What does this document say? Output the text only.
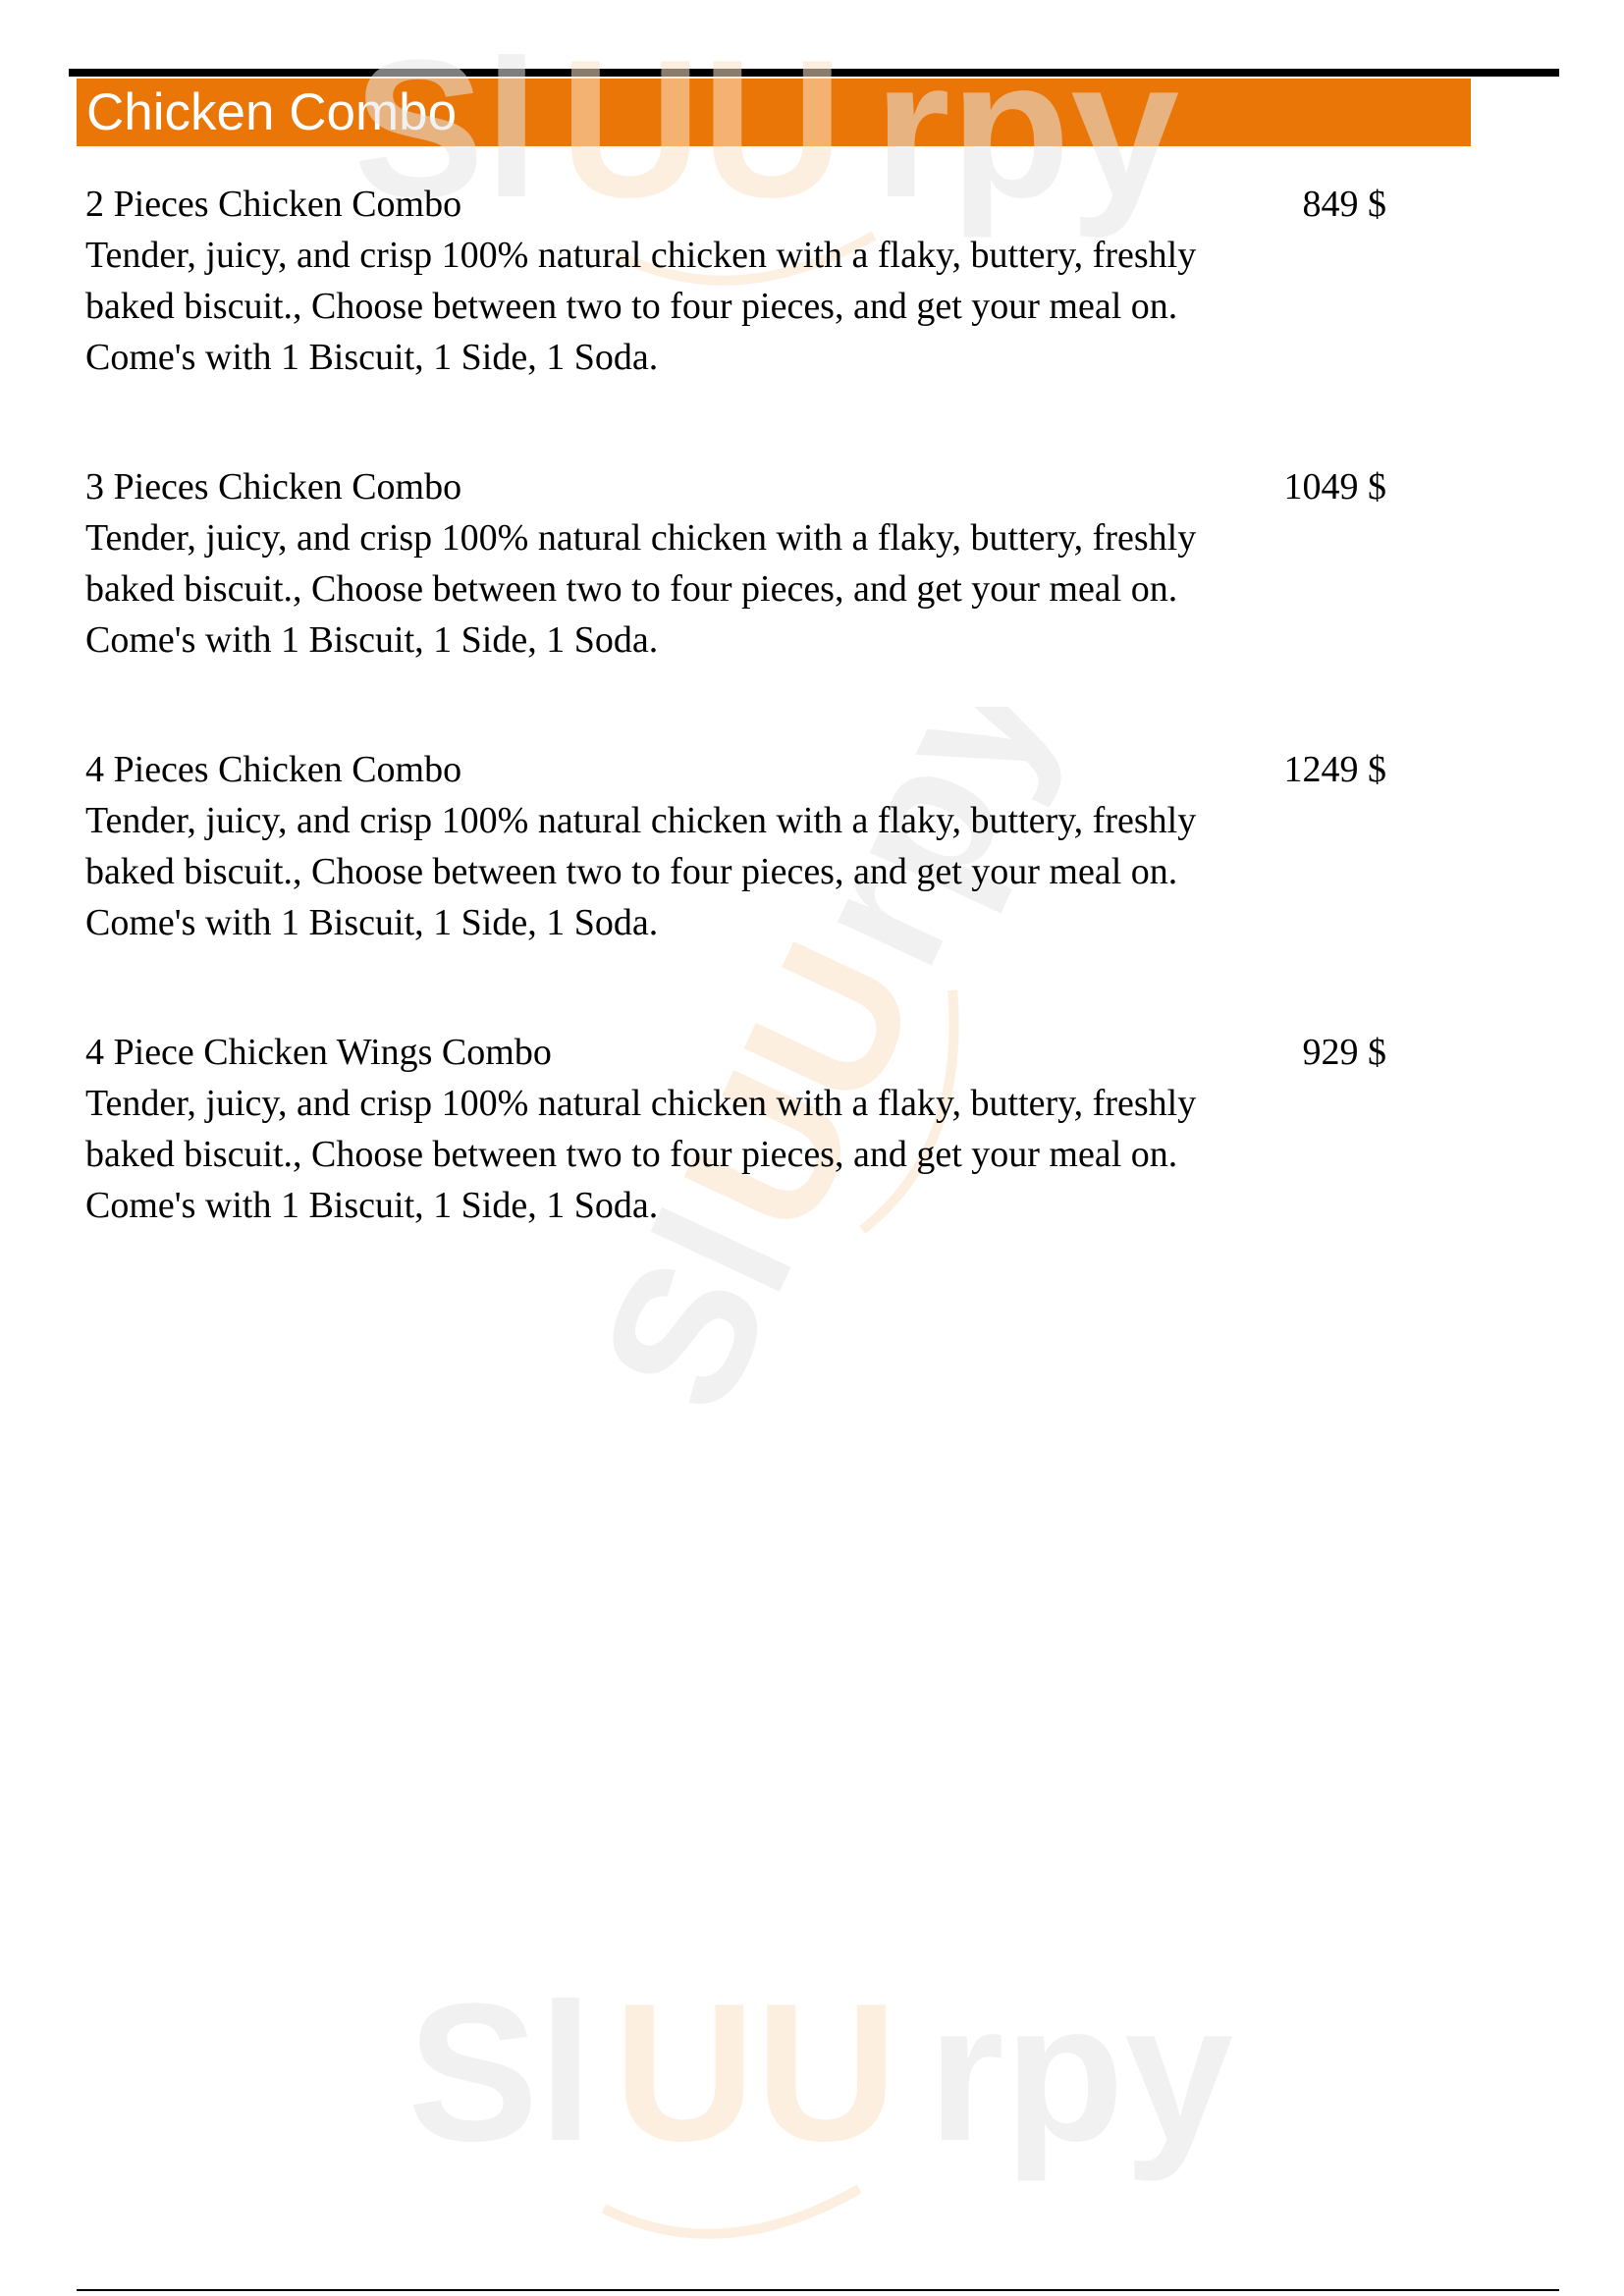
Chicken Combo
Sl UU rpy
Sl
UU
rpy
Sl UU rpy
2 Pieces Chicken Combo	849 $
Tender, juicy, and crisp 100% natural chicken with a flaky, buttery, freshly baked biscuit., Choose between two to four pieces, and get your meal on. Come's with 1 Biscuit, 1 Side, 1 Soda.
3 Pieces Chicken Combo	1049 $
Tender, juicy, and crisp 100% natural chicken with a flaky, buttery, freshly baked biscuit., Choose between two to four pieces, and get your meal on. Come's with 1 Biscuit, 1 Side, 1 Soda.
4 Pieces Chicken Combo	1249 $
Tender, juicy, and crisp 100% natural chicken with a flaky, buttery, freshly baked biscuit., Choose between two to four pieces, and get your meal on. Come's with 1 Biscuit, 1 Side, 1 Soda.
4 Piece Chicken Wings Combo	929 $
Tender, juicy, and crisp 100% natural chicken with a flaky, buttery, freshly baked biscuit., Choose between two to four pieces, and get your meal on. Come's with 1 Biscuit, 1 Side, 1 Soda.
